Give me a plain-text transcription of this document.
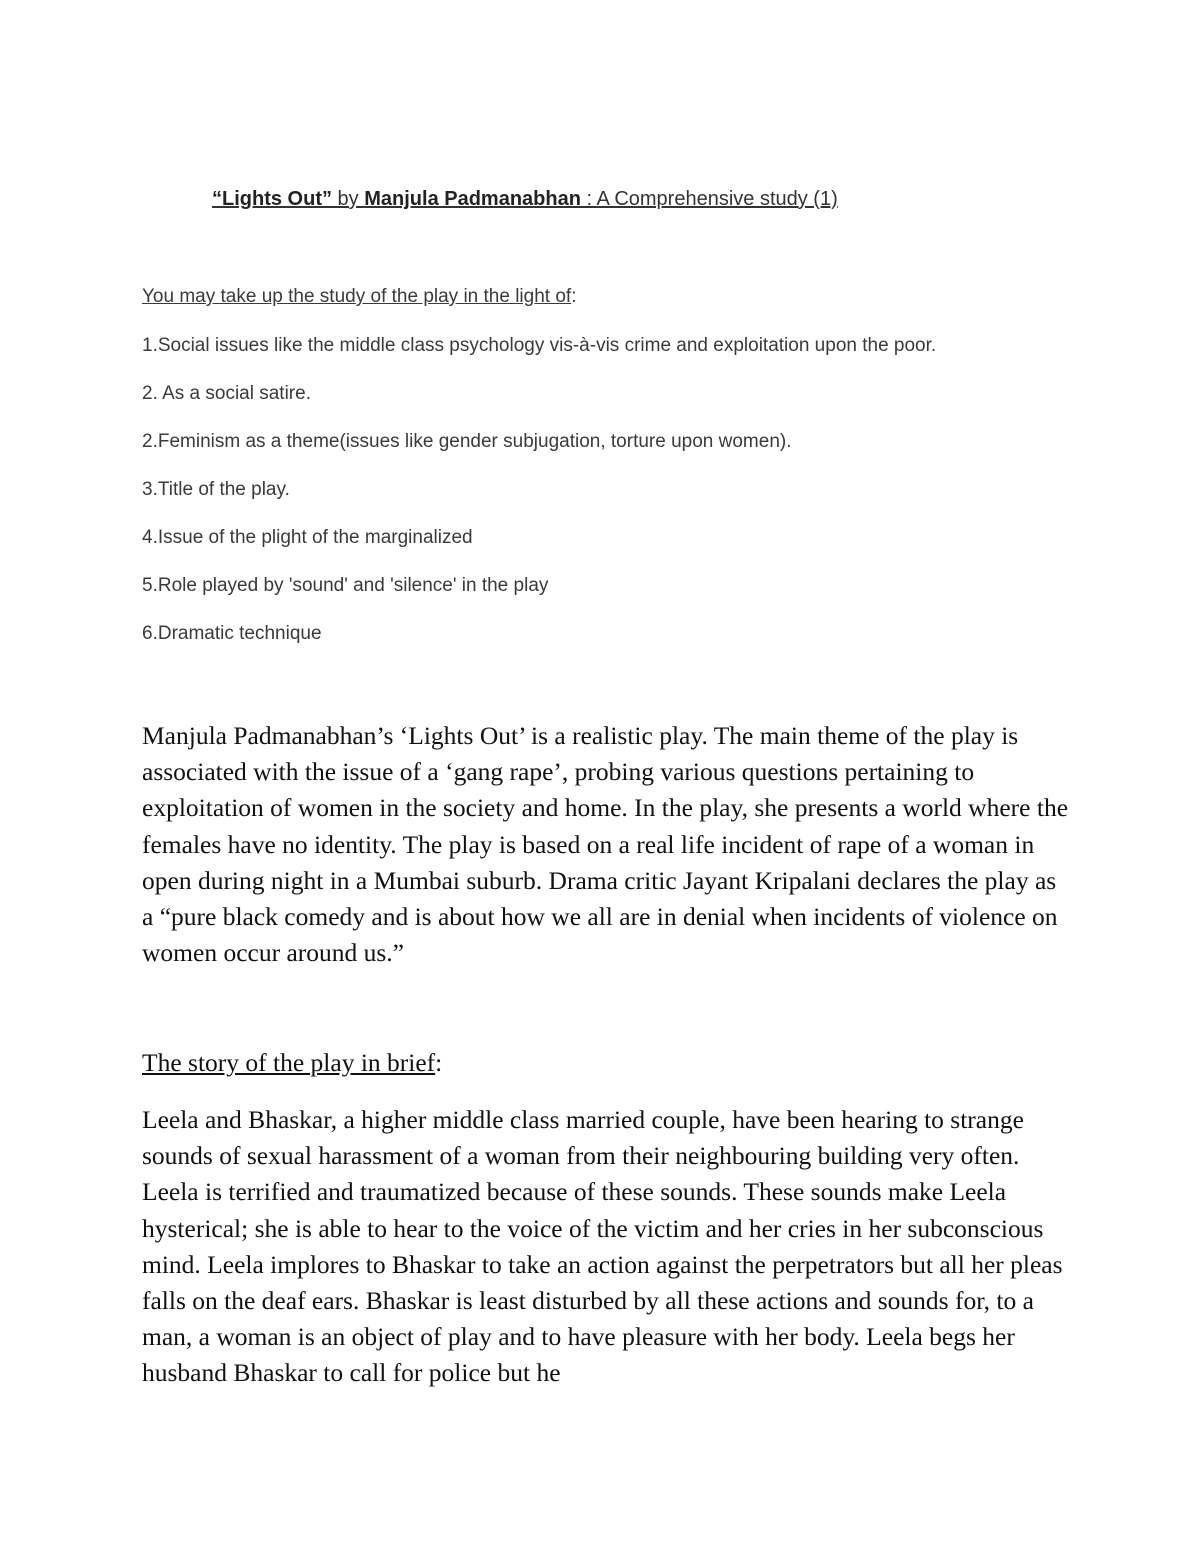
“Lights Out” by Manjula Padmanabhan : A Comprehensive study (1)
You may take up the study of the play in the light of:
1.Social issues like the middle class psychology vis-à-vis crime and exploitation upon the poor.
2. As a social satire.
2.Feminism as a theme(issues like gender subjugation, torture upon women).
3.Title of the play.
4.Issue of the plight of the marginalized
5.Role played by 'sound' and 'silence' in the play
6.Dramatic technique

Manjula Padmanabhan’s ‘Lights Out’ is a realistic play. The main theme of the play is associated with the issue of a ‘gang rape’, probing various questions pertaining to exploitation of women in the society and home. In the play, she presents a world where the females have no identity. The play is based on a real life incident of rape of a woman in open during night in a Mumbai suburb. Drama critic Jayant Kripalani declares the play as a “pure black comedy and is about how we all are in denial when incidents of violence on women occur around us.”

The story of the play in brief:

Leela and Bhaskar, a higher middle class married couple, have been hearing to strange sounds of sexual harassment of a woman from their neighbouring building very often. Leela is terrified and traumatized because of these sounds. These sounds make Leela hysterical; she is able to hear to the voice of the victim and her cries in her subconscious mind. Leela implores to Bhaskar to take an action against the perpetrators but all her pleas falls on the deaf ears. Bhaskar is least disturbed by all these actions and sounds for, to a man, a woman is an object of play and to have pleasure with her body. Leela begs her husband Bhaskar to call for police but he
